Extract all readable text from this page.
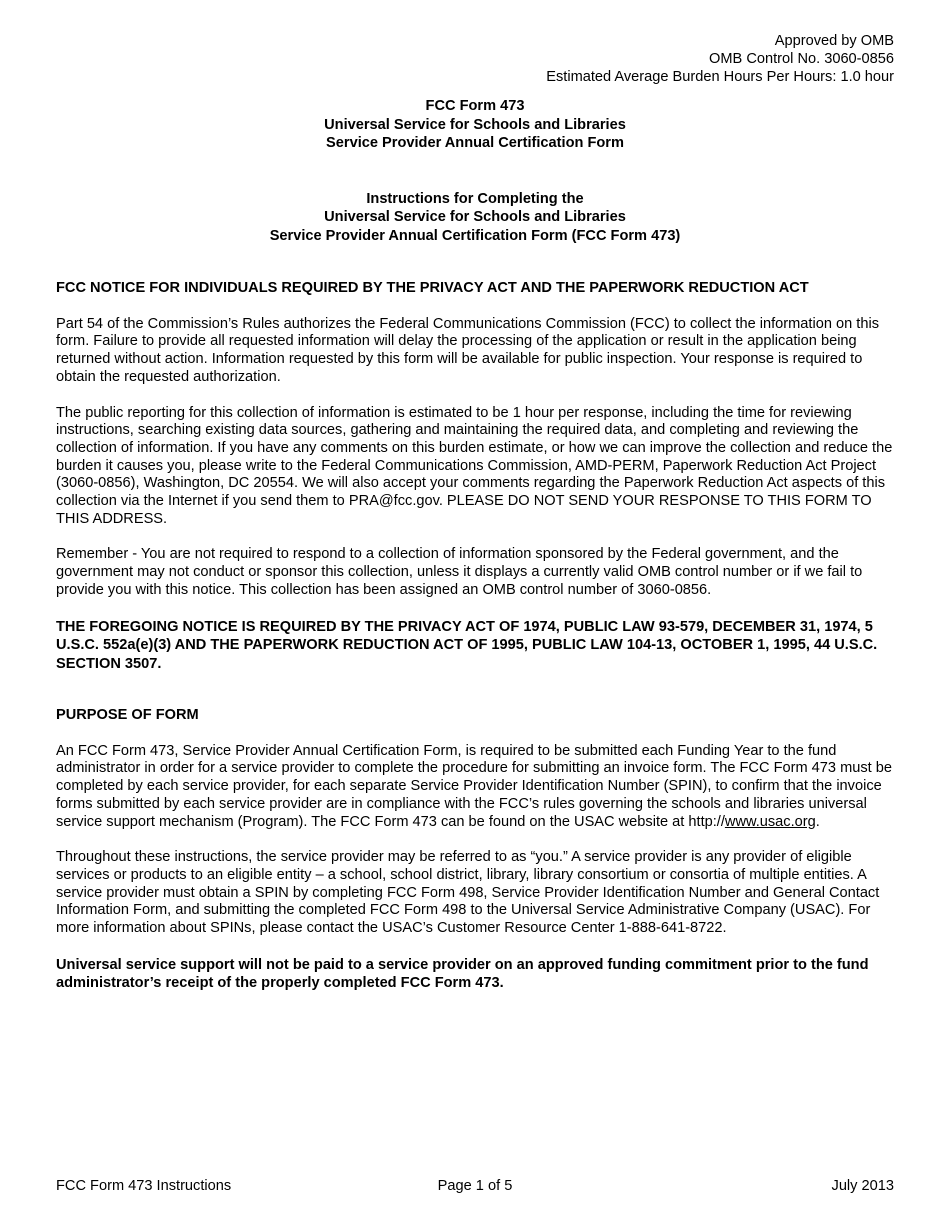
Approved by OMB
OMB Control No. 3060-0856
Estimated Average Burden Hours Per Hours: 1.0 hour
FCC Form 473
Universal Service for Schools and Libraries
Service Provider Annual Certification Form
Instructions for Completing the
Universal Service for Schools and Libraries
Service Provider Annual Certification Form (FCC Form 473)
FCC NOTICE FOR INDIVIDUALS REQUIRED BY THE PRIVACY ACT AND THE PAPERWORK REDUCTION ACT

Part 54 of the Commission’s Rules authorizes the Federal Communications Commission (FCC) to collect the information on this form. Failure to provide all requested information will delay the processing of the application or result in the application being returned without action. Information requested by this form will be available for public inspection. Your response is required to obtain the requested authorization.

The public reporting for this collection of information is estimated to be 1 hour per response, including the time for reviewing instructions, searching existing data sources, gathering and maintaining the required data, and completing and reviewing the collection of information. If you have any comments on this burden estimate, or how we can improve the collection and reduce the burden it causes you, please write to the Federal Communications Commission, AMD-PERM, Paperwork Reduction Act Project (3060-0856), Washington, DC 20554. We will also accept your comments regarding the Paperwork Reduction Act aspects of this collection via the Internet if you send them to PRA@fcc.gov. PLEASE DO NOT SEND YOUR RESPONSE TO THIS FORM TO THIS ADDRESS.

Remember - You are not required to respond to a collection of information sponsored by the Federal government, and the government may not conduct or sponsor this collection, unless it displays a currently valid OMB control number or if we fail to provide you with this notice. This collection has been assigned an OMB control number of 3060-0856.

THE FOREGOING NOTICE IS REQUIRED BY THE PRIVACY ACT OF 1974, PUBLIC LAW 93-579, DECEMBER 31, 1974, 5 U.S.C. 552a(e)(3) AND THE PAPERWORK REDUCTION ACT OF 1995, PUBLIC LAW 104-13, OCTOBER 1, 1995, 44 U.S.C. SECTION 3507.

PURPOSE OF FORM

An FCC Form 473, Service Provider Annual Certification Form, is required to be submitted each Funding Year to the fund administrator in order for a service provider to complete the procedure for submitting an invoice form. The FCC Form 473 must be completed by each service provider, for each separate Service Provider Identification Number (SPIN), to confirm that the invoice forms submitted by each service provider are in compliance with the FCC’s rules governing the schools and libraries universal service support mechanism (Program). The FCC Form 473 can be found on the USAC website at http://www.usac.org.

Throughout these instructions, the service provider may be referred to as “you.” A service provider is any provider of eligible services or products to an eligible entity – a school, school district, library, library consortium or consortia of multiple entities. A service provider must obtain a SPIN by completing FCC Form 498, Service Provider Identification Number and General Contact Information Form, and submitting the completed FCC Form 498 to the Universal Service Administrative Company (USAC). For more information about SPINs, please contact the USAC’s Customer Resource Center 1-888-641-8722.

Universal service support will not be paid to a service provider on an approved funding commitment prior to the fund administrator’s receipt of the properly completed FCC Form 473.

FCC Form 473 Instructions	Page 1 of 5	July 2013
